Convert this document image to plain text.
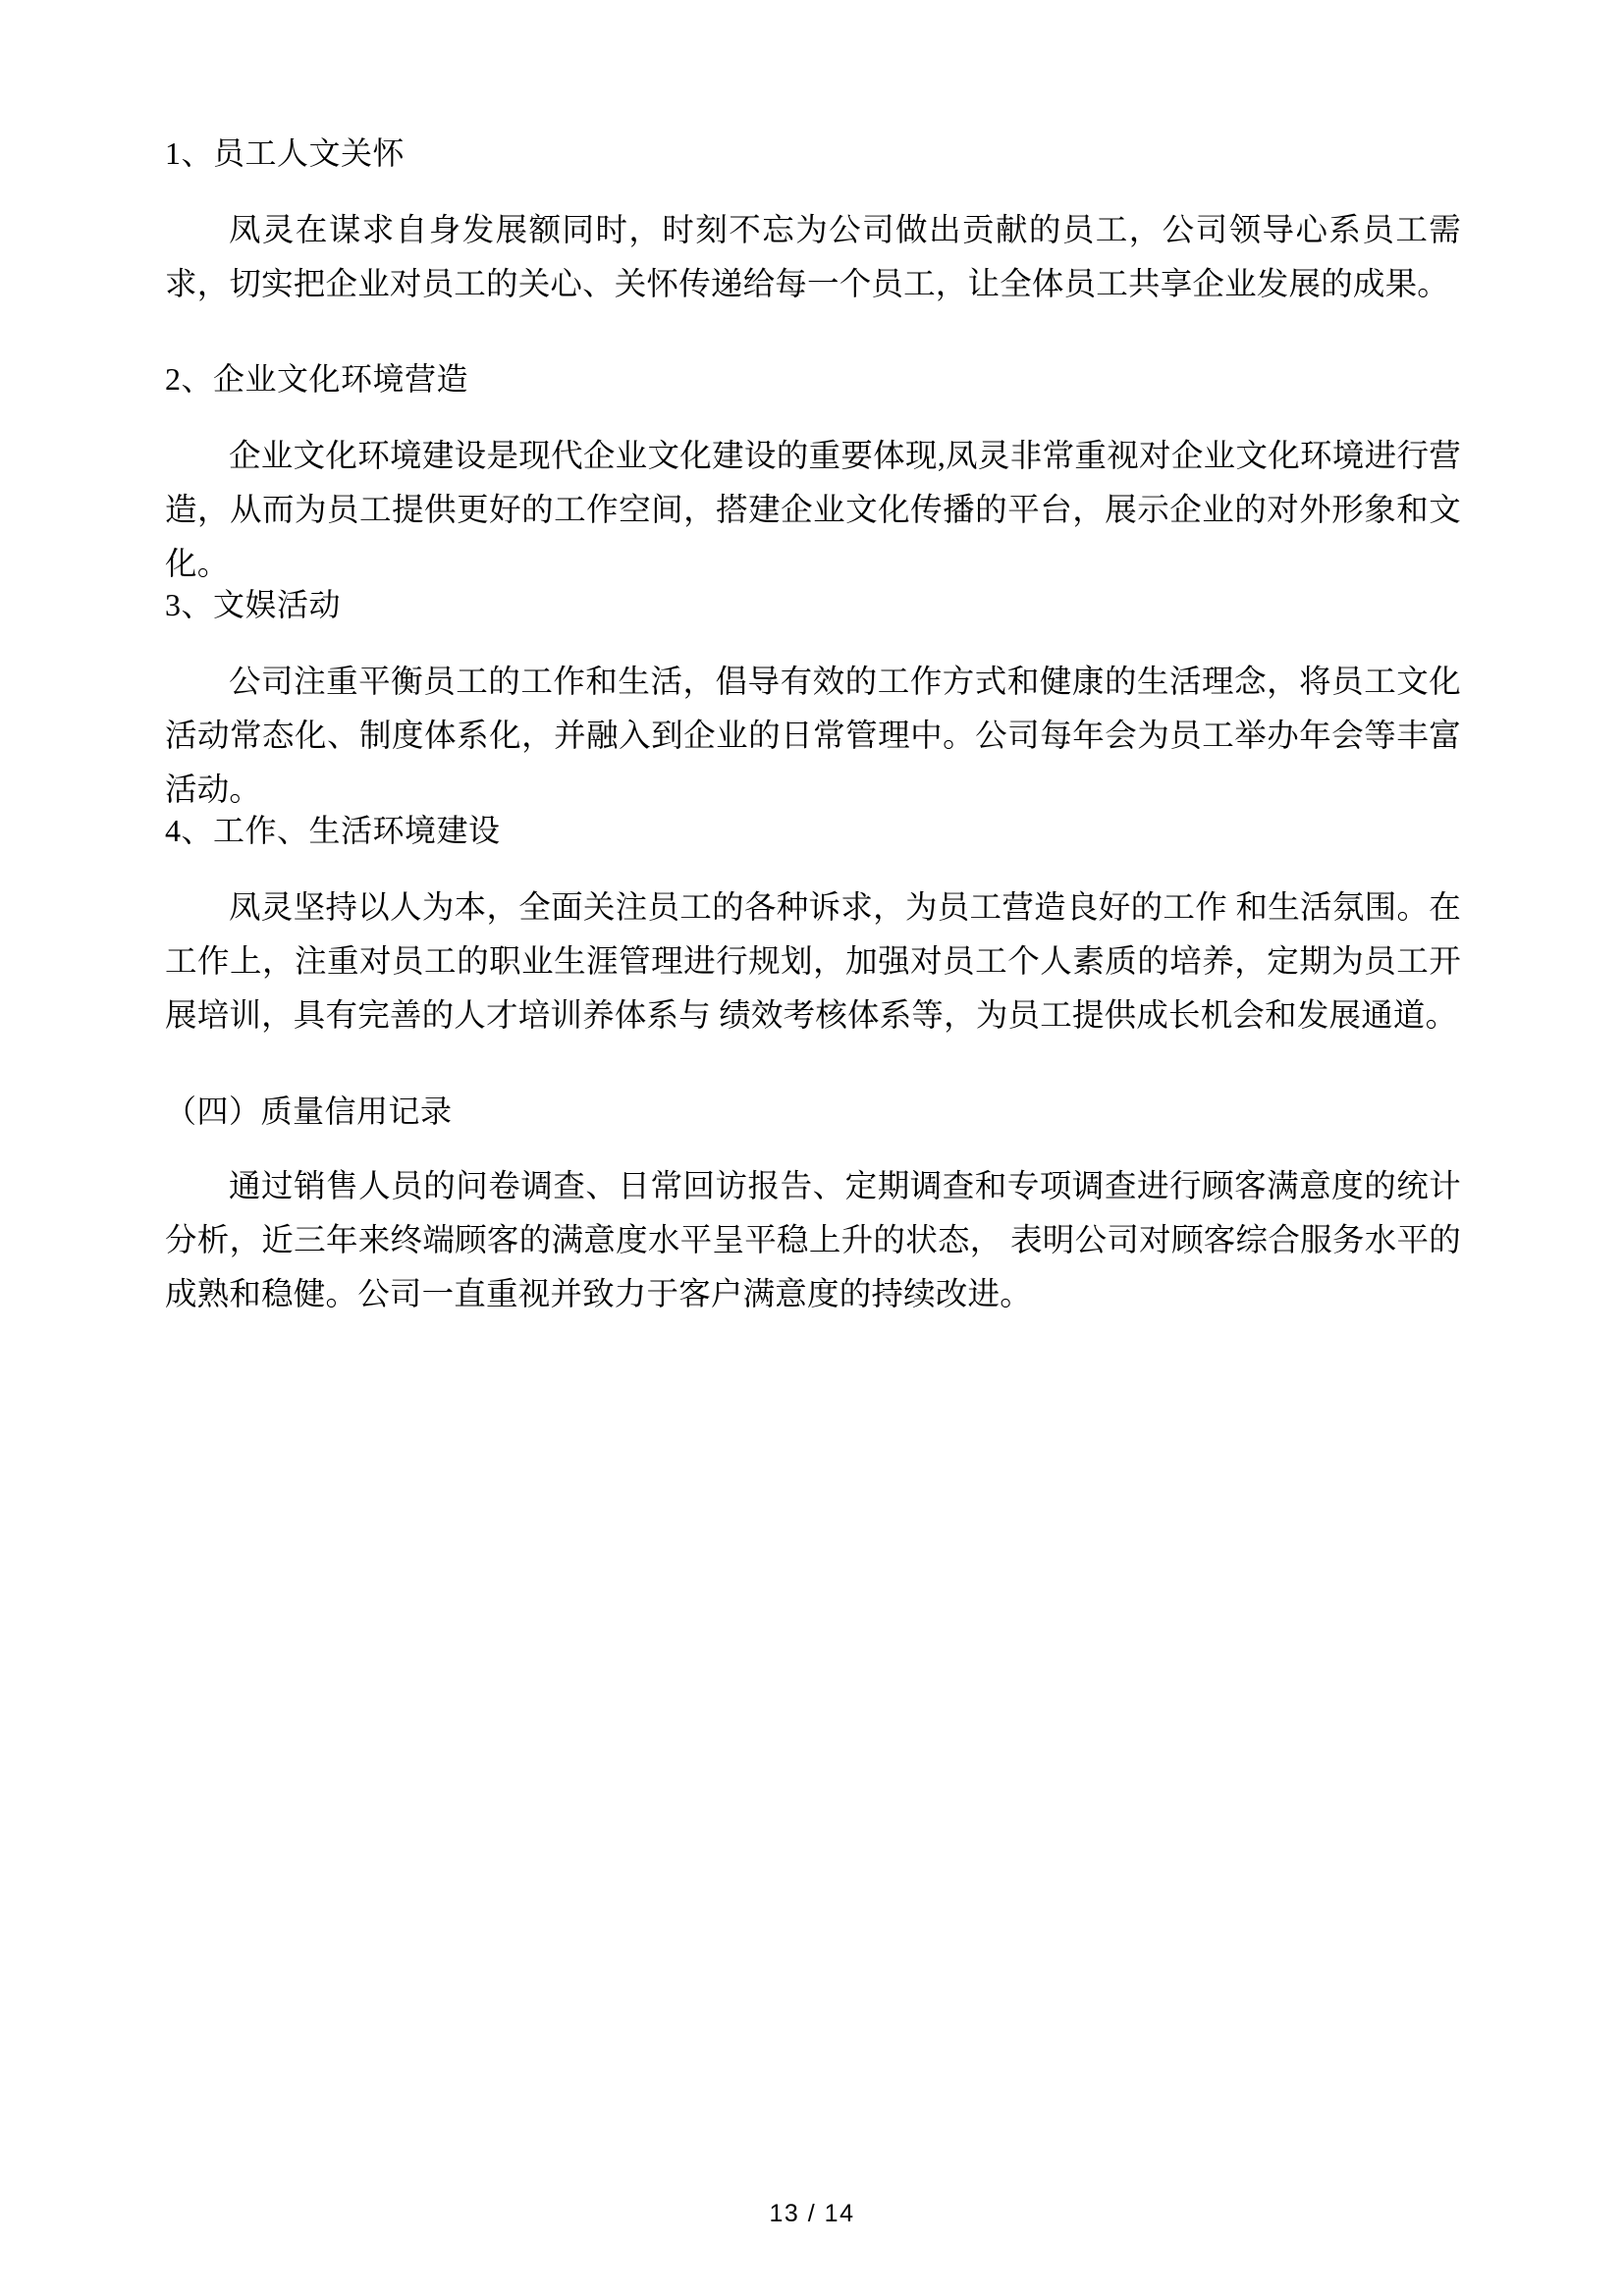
1、员工人文关怀

凤灵在谋求自身发展额同时，时刻不忘为公司做出贡献的员工，公司领导心系员工需求，切实把企业对员工的关心、关怀传递给每一个员工，让全体员工共享企业发展的成果。

2、企业文化环境营造

企业文化环境建设是现代企业文化建设的重要体现,凤灵非常重视对企业文化环境进行营造，从而为员工提供更好的工作空间，搭建企业文化传播的平台，展示企业的对外形象和文化。

3、文娱活动

公司注重平衡员工的工作和生活，倡导有效的工作方式和健康的生活理念，将员工文化活动常态化、制度体系化，并融入到企业的日常管理中。公司每年会为员工举办年会等丰富活动。

4、工作、生活环境建设

凤灵坚持以人为本，全面关注员工的各种诉求，为员工营造良好的工作 和生活氛围。在工作上，注重对员工的职业生涯管理进行规划，加强对员工个人素质的培养，定期为员工开展培训，具有完善的人才培训养体系与 绩效考核体系等，为员工提供成长机会和发展通道。

（四）质量信用记录

通过销售人员的问卷调查、日常回访报告、定期调查和专项调查进行顾客满意度的统计分析，近三年来终端顾客的满意度水平呈平稳上升的状态， 表明公司对顾客综合服务水平的成熟和稳健。公司一直重视并致力于客户满意度的持续改进。

13 / 14
